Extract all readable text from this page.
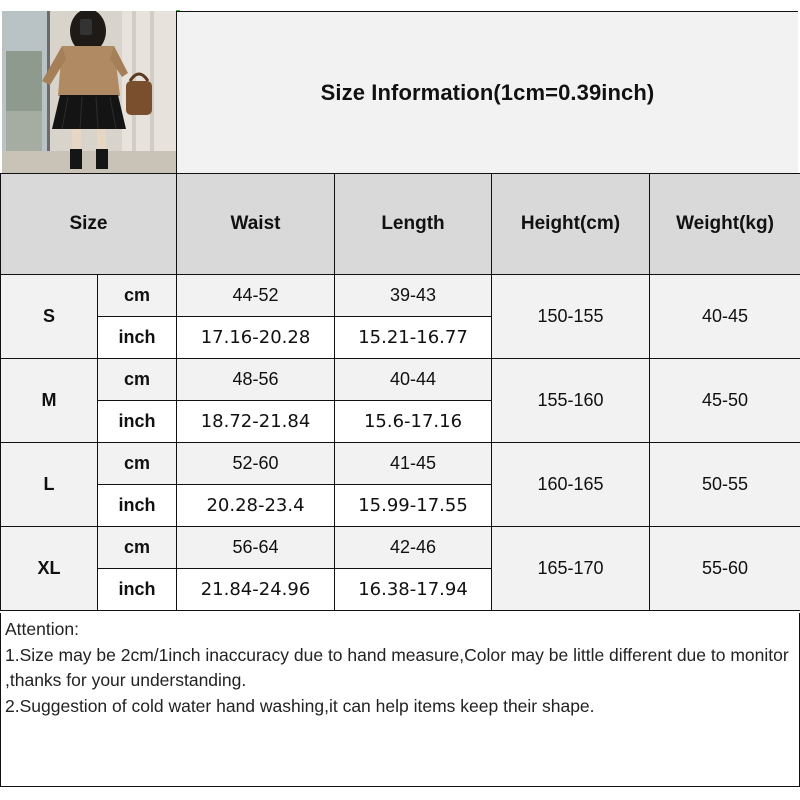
Size Information(1cm=0.39inch)
Size		Waist	Length	Height(cm)	Weight(kg)
S	cm	44-52	39-43	150-155	40-45
	inch	17.16-20.28	15.21-16.77		
M	cm	48-56	40-44	155-160	45-50
	inch	18.72-21.84	15.6-17.16		
L	cm	52-60	41-45	160-165	50-55
	inch	20.28-23.4	15.99-17.55		
XL	cm	56-64	42-46	165-170	55-60
	inch	21.84-24.96	16.38-17.94		
Attention:
1.Size may be 2cm/1inch inaccuracy due to hand measure,Color may be little different due to monitor ,thanks for your understanding.
2.Suggestion of cold water hand washing,it can help items keep their shape.
